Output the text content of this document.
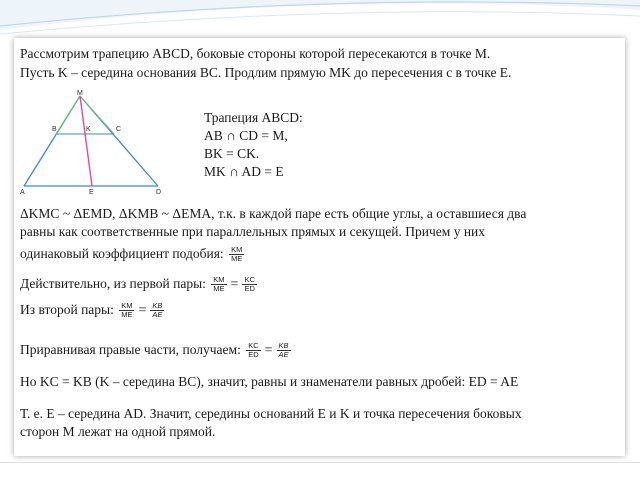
Рассмотрим трапецию ABCD, боковые стороны которой пересекаются в точке M.
Пусть K – середина основания BC. Продлим прямую MK до пересечения с в точке E.
M
B	K	C
A	E	D
Трапеция ABCD:
AB ∩ CD = M,
BK = CK.
MK ∩ AD = E
ΔKMC ~ ΔEMD, ΔKMB ~ ΔEMA, т.к. в каждой паре есть общие углы, а оставшиеся два
равны как соответственные при параллельных прямых и секущей. Причем у них
одинаковый коэффициент подобия: $\frac{KM}{ME}$
Действительно, из первой пары: $\frac{KM}{ME} = \frac{KC}{ED}$
Из второй пары: $\frac{KM}{ME} = \frac{KB}{AE}$
Приравнивая правые части, получаем: $\frac{KC}{ED} = \frac{KB}{AE}$
Но KC = KB (K – середина BC), значит, равны и знаменатели равных дробей: ED = AE
Т. е. E – середина AD. Значит, середины оснований E и K и точка пересечения боковых
сторон M лежат на одной прямой.
